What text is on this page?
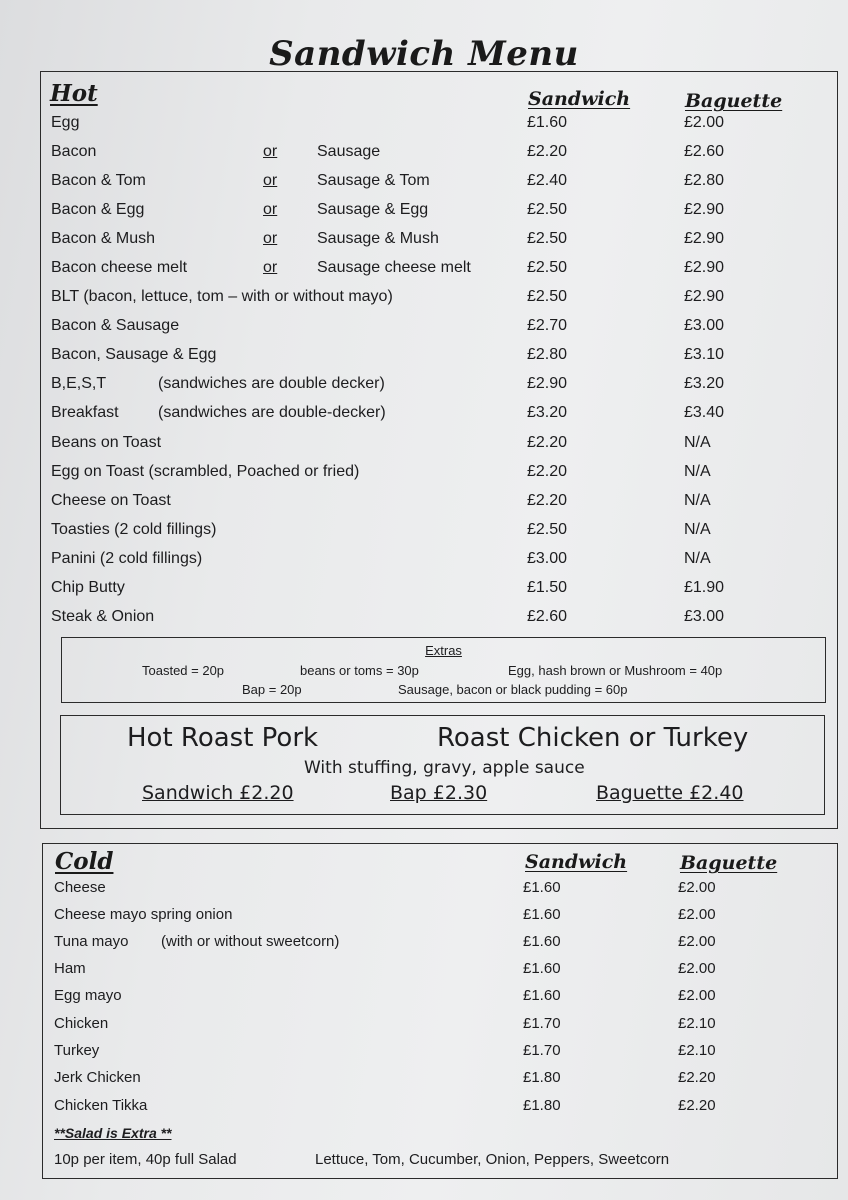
Sandwich Menu
Hot	Sandwich	Baguette
Egg	£1.60	£2.00
Bacon	or Sausage	£2.20	£2.60
Bacon & Tom	or Sausage & Tom	£2.40	£2.80
Bacon & Egg	or Sausage & Egg	£2.50	£2.90
Bacon & Mush	or Sausage & Mush	£2.50	£2.90
Bacon cheese melt	or Sausage cheese melt	£2.50	£2.90
BLT (bacon, lettuce, tom – with or without mayo)	£2.50	£2.90
Bacon & Sausage	£2.70	£3.00
Bacon, Sausage & Egg	£2.80	£3.10
B,E,S,T	(sandwiches are double decker)	£2.90	£3.20
Breakfast (sandwiches are double-decker)	£3.20	£3.40
Beans on Toast	£2.20	N/A
Egg on Toast (scrambled, Poached or fried)	£2.20	N/A
Cheese on Toast	£2.20	N/A
Toasties (2 cold fillings)	£2.50	N/A
Panini (2 cold fillings)	£3.00	N/A
Chip Butty	£1.50	£1.90
Steak & Onion	£2.60	£3.00
Extras
Toasted = 20p	beans or toms = 30p	Egg, hash brown or Mushroom = 40p
Bap = 20p	Sausage, bacon or black pudding = 60p
Hot Roast Pork	Roast Chicken or Turkey
With stuffing, gravy, apple sauce
Sandwich £2.20	Bap £2.30	Baguette £2.40
Cold	Sandwich	Baguette
Cheese	£1.60	£2.00
Cheese mayo spring onion	£1.60	£2.00
Tuna mayo (with or without sweetcorn)	£1.60	£2.00
Ham	£1.60	£2.00
Egg mayo	£1.60	£2.00
Chicken	£1.70	£2.10
Turkey	£1.70	£2.10
Jerk Chicken	£1.80	£2.20
Chicken Tikka	£1.80	£2.20
**Salad is Extra **
10p per item, 40p full Salad	Lettuce, Tom, Cucumber, Onion, Peppers, Sweetcorn
